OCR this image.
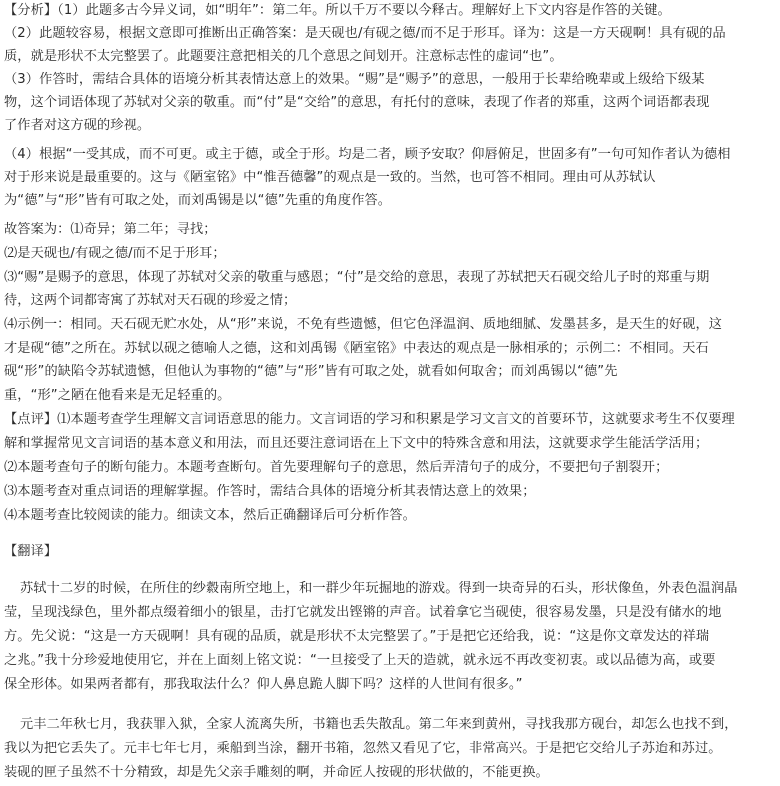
【分析】（1）此题多古今异义词，如“明年”：第二年。所以千万不要以今释古。理解好上下文内容是作答的关键。
（2）此题较容易，根据文意即可推断出正确答案：是天砚也/有砚之德/而不足于形耳。译为：这是一方天砚啊！具有砚的品
质，就是形状不太完整罢了。此题要注意把相关的几个意思之间划开。注意标志性的虚词“也”。
（3）作答时，需结合具体的语境分析其表情达意上的效果。“赐”是“赐予”的意思，一般用于长辈给晚辈或上级给下级某
物，这个词语体现了苏轼对父亲的敬重。而“付”是“交给”的意思，有托付的意味，表现了作者的郑重，这两个词语都表现
了作者对这方砚的珍视。
（4）根据“一受其成，而不可更。或主于德，或全于形。均是二者，顾予安取？仰唇俯足，世固多有”一句可知作者认为德相
对于形来说是最重要的。这与《陋室铭》中“惟吾德馨”的观点是一致的。当然，也可答不相同。理由可从苏轼认
为“德”与“形”皆有可取之处，而刘禹锡是以“德”先重的角度作答。
故答案为：⑴奇异；第二年；寻找；
⑵是天砚也/有砚之德/而不足于形耳；
⑶“赐”是赐予的意思，体现了苏轼对父亲的敬重与感恩；“付”是交给的意思，表现了苏轼把天石砚交给儿子时的郑重与期
待，这两个词都寄寓了苏轼对天石砚的珍爱之情；
⑷示例一：相同。天石砚无贮水处，从“形”来说，不免有些遗憾，但它色泽温润、质地细腻、发墨甚多，是天生的好砚，这
才是砚“德”之所在。苏轼以砚之德喻人之德，这和刘禹锡《陋室铭》中表达的观点是一脉相承的；示例二：不相同。天石
砚“形”的缺陷令苏轼遗憾，但他认为事物的“德”与“形”皆有可取之处，就看如何取舍；而刘禹锡以“德”先
重，“形”之陋在他看来是无足轻重的。
【点评】⑴本题考查学生理解文言词语意思的能力。文言词语的学习和积累是学习文言文的首要环节，这就要求考生不仅要理
解和掌握常见文言词语的基本意义和用法，而且还要注意词语在上下文中的特殊含意和用法，这就要求学生能活学活用；
⑵本题考查句子的断句能力。本题考查断句。首先要理解句子的意思，然后弄清句子的成分，不要把句子割裂开；
⑶本题考查对重点词语的理解掌握。作答时，需结合具体的语境分析其表情达意上的效果；
⑷本题考查比较阅读的能力。细读文本，然后正确翻译后可分析作答。
【翻译】
苏轼十二岁的时候，在所住的纱縠南所空地上，和一群少年玩掘地的游戏。得到一块奇异的石头，形状像鱼，外表色温润晶
莹，呈现浅绿色，里外都点缀着细小的银星，击打它就发出铿锵的声音。试着拿它当砚使，很容易发墨，只是没有储水的地
方。先父说：“这是一方天砚啊！具有砚的品质，就是形状不太完整罢了。”于是把它还给我，说：“这是你文章发达的祥瑞
之兆。”我十分珍爱地使用它，并在上面刻上铭文说：“一旦接受了上天的造就，就永远不再改变初衷。或以品德为高，或要
保全形体。如果两者都有，那我取法什么？仰人鼻息跪人脚下吗？这样的人世间有很多。”
元丰二年秋七月，我获罪入狱，全家人流离失所，书籍也丢失散乱。第二年来到黄州，寻找我那方砚台，却怎么也找不到，
我以为把它丢失了。元丰七年七月，乘船到当涂，翻开书箱，忽然又看见了它，非常高兴。于是把它交给儿子苏迨和苏过。
装砚的匣子虽然不十分精致，却是先父亲手雕刻的啊，并命匠人按砚的形状做的，不能更换。
